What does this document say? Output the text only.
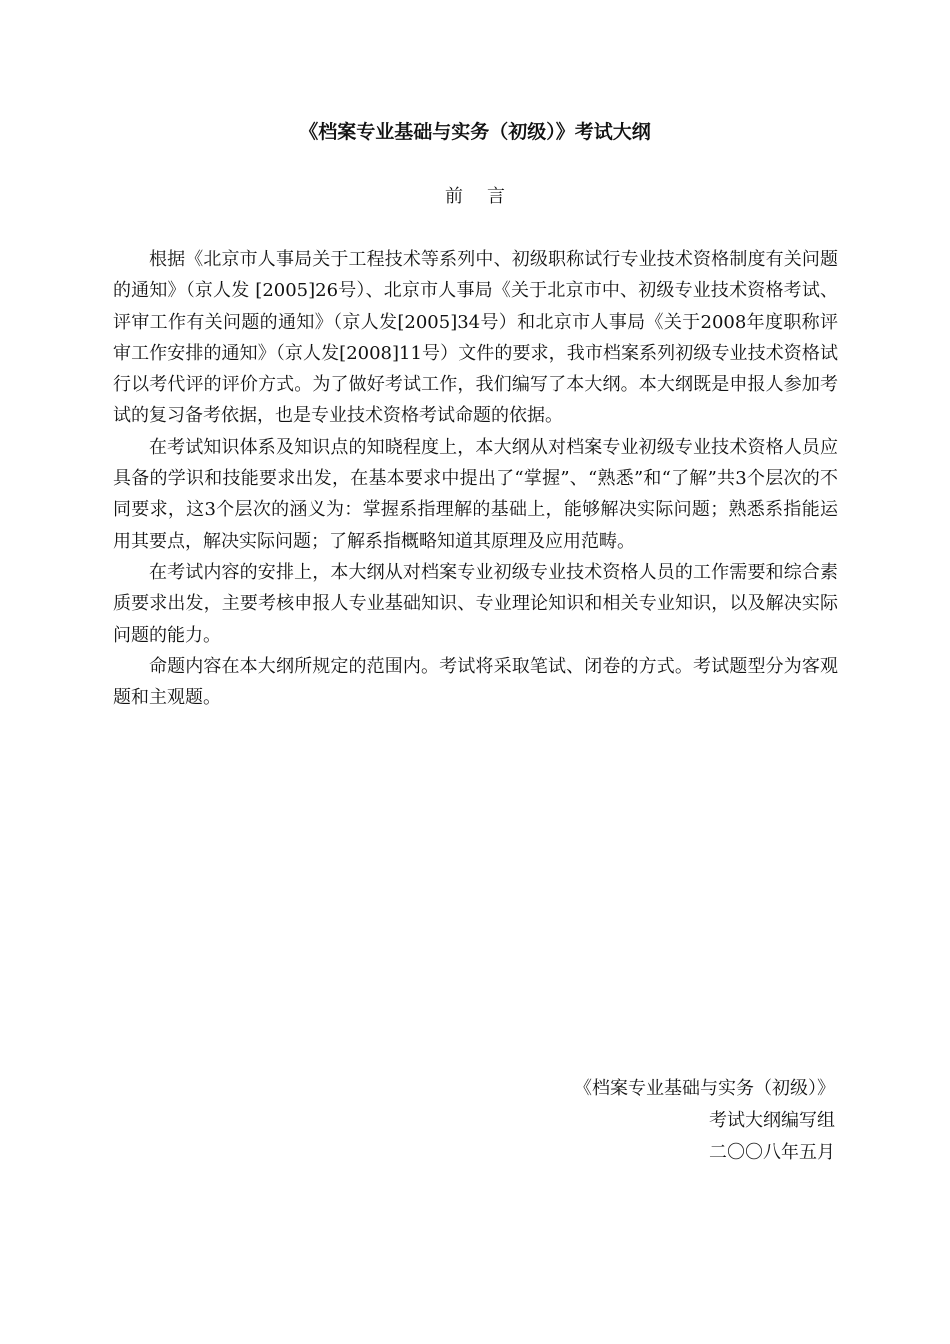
《档案专业基础与实务（初级）》考试大纲
前言

根据《北京市人事局关于工程技术等系列中、初级职称试行专业技术资格制度有关问题的通知》（京人发 [2005]26号）、北京市人事局《关于北京市中、初级专业技术资格考试、评审工作有关问题的通知》（京人发[2005]34号）和北京市人事局《关于2008年度职称评审工作安排的通知》（京人发[2008]11号）文件的要求，我市档案系列初级专业技术资格试行以考代评的评价方式。为了做好考试工作，我们编写了本大纲。本大纲既是申报人参加考试的复习备考依据，也是专业技术资格考试命题的依据。

在考试知识体系及知识点的知晓程度上，本大纲从对档案专业初级专业技术资格人员应具备的学识和技能要求出发，在基本要求中提出了“掌握”、“熟悉”和“了解”共3个层次的不同要求，这3个层次的涵义为：掌握系指理解的基础上，能够解决实际问题；熟悉系指能运用其要点，解决实际问题；了解系指概略知道其原理及应用范畴。

在考试内容的安排上，本大纲从对档案专业初级专业技术资格人员的工作需要和综合素质要求出发，主要考核申报人专业基础知识、专业理论知识和相关专业知识，以及解决实际问题的能力。

命题内容在本大纲所规定的范围内。考试将采取笔试、闭卷的方式。考试题型分为客观题和主观题。

《档案专业基础与实务（初级）》
考试大纲编写组
二〇〇八年五月
